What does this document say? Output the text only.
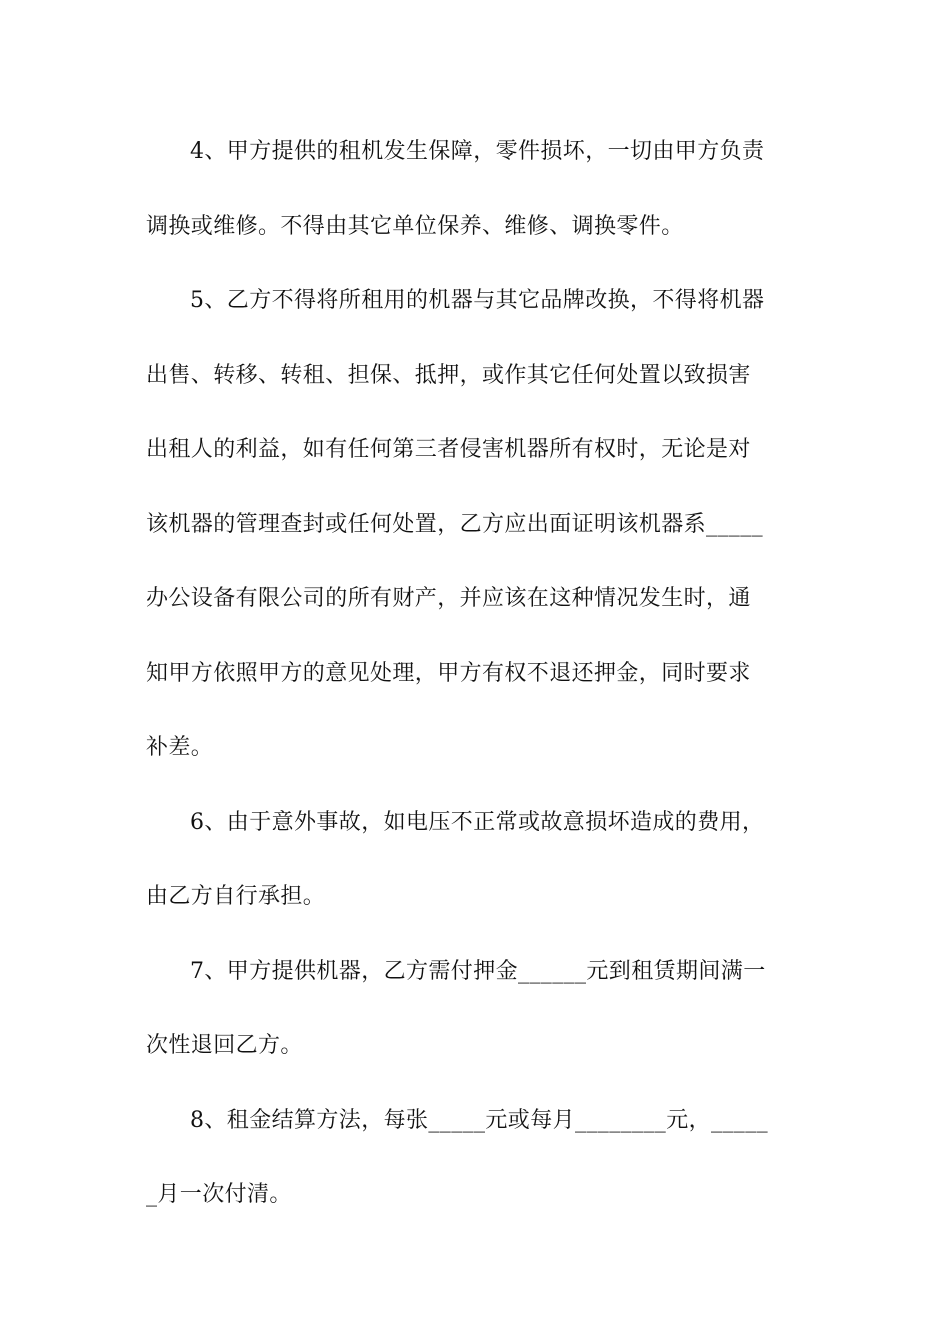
4、甲方提供的租机发生保障，零件损坏，一切由甲方负责
调换或维修。不得由其它单位保养、维修、调换零件。
5、乙方不得将所租用的机器与其它品牌改换，不得将机器
出售、转移、转租、担保、抵押，或作其它任何处置以致损害
出租人的利益，如有任何第三者侵害机器所有权时，无论是对
该机器的管理查封或任何处置，乙方应出面证明该机器系_____
办公设备有限公司的所有财产，并应该在这种情况发生时，通
知甲方依照甲方的意见处理，甲方有权不退还押金，同时要求
补差。
6、由于意外事故，如电压不正常或故意损坏造成的费用，
由乙方自行承担。
7、甲方提供机器，乙方需付押金______元到租赁期间满一
次性退回乙方。
8、租金结算方法，每张_____元或每月________元，_____
_月一次付清。
